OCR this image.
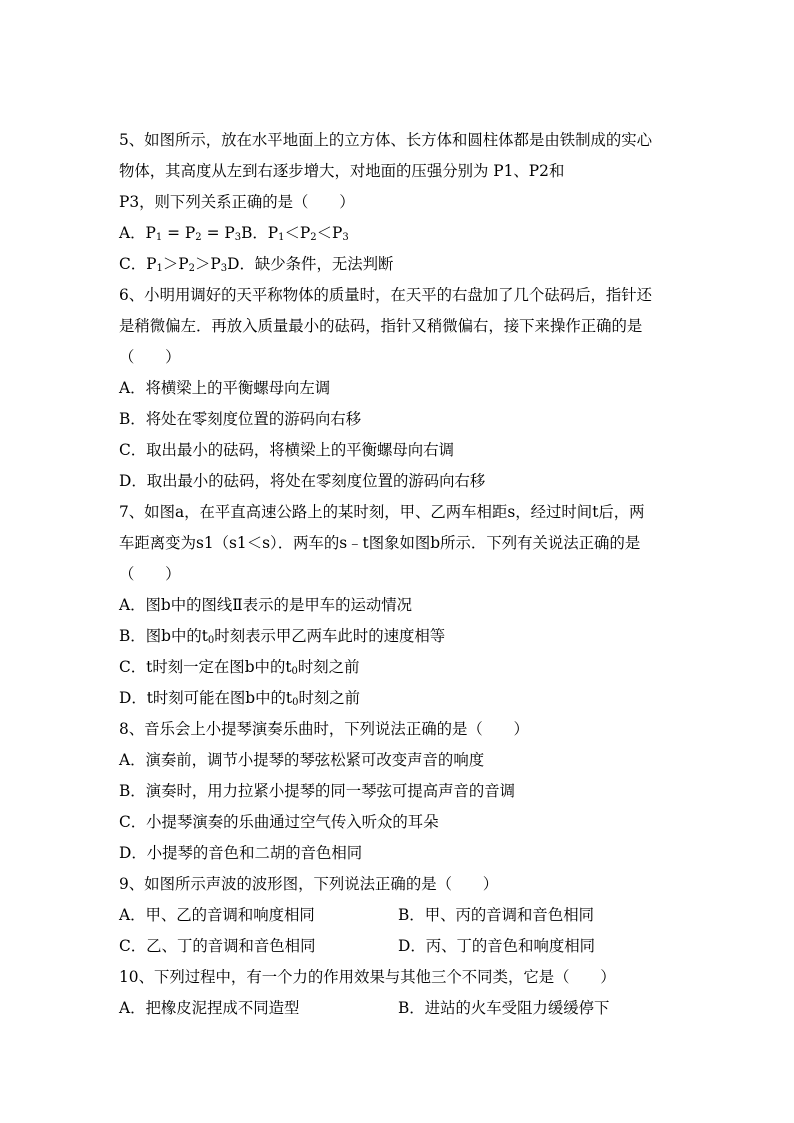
5、如图所示，放在水平地面上的立方体、长方体和圆柱体都是由铁制成的实心
物体，其高度从左到右逐步增大，对地面的压强分别为 P1、P2和
P3，则下列关系正确的是（　　）
A．$P_1 = P_2 = P_3B$．$P_1<P_2<P_3$
C．$P_1>P_2>P_3D$．缺少条件，无法判断
6、小明用调好的天平称物体的质量时，在天平的右盘加了几个砝码后，指针还
是稍微偏左．再放入质量最小的砝码，指针又稍微偏右，接下来操作正确的是
（　　）
A．将横梁上的平衡螺母向左调
B．将处在零刻度位置的游码向右移
C．取出最小的砝码，将横梁上的平衡螺母向右调
D．取出最小的砝码，将处在零刻度位置的游码向右移
7、如图a，在平直高速公路上的某时刻，甲、乙两车相距s，经过时间t后，两
车距离变为s1（s1＜s）．两车的s﹣t图象如图b所示．下列有关说法正确的是
（　　）
A．图b中的图线Ⅱ表示的是甲车的运动情况
B．图b中的$t_0$时刻表示甲乙两车此时的速度相等
C．t时刻一定在图b中的$t_0$时刻之前
D．t时刻可能在图b中的$t_0$时刻之前
8、音乐会上小提琴演奏乐曲时，下列说法正确的是（　　）
A．演奏前，调节小提琴的琴弦松紧可改变声音的响度
B．演奏时，用力拉紧小提琴的同一琴弦可提高声音的音调
C．小提琴演奏的乐曲通过空气传入听众的耳朵
D．小提琴的音色和二胡的音色相同
9、如图所示声波的波形图，下列说法正确的是（　　）
A．甲、乙的音调和响度相同	B．甲、丙的音调和音色相同
C．乙、丁的音调和音色相同	D．丙、丁的音色和响度相同
10、下列过程中，有一个力的作用效果与其他三个不同类，它是（　　）
A．把橡皮泥捏成不同造型	B．进站的火车受阻力缓缓停下
